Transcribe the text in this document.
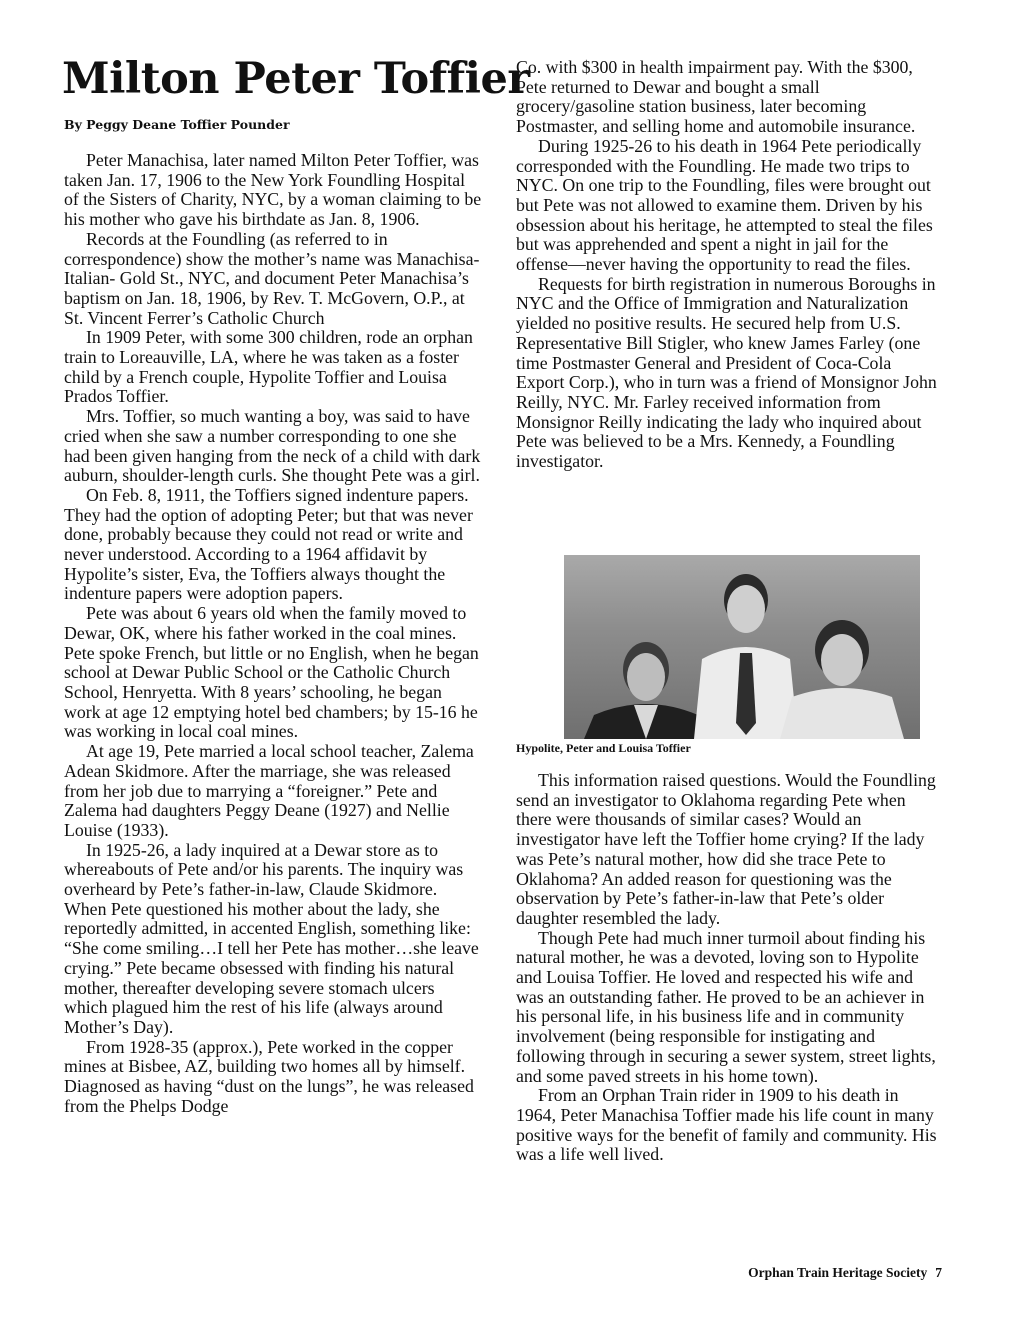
Milton Peter Toffier
By Peggy Deane Toffier Pounder

Peter Manachisa, later named Milton Peter Toffier, was taken Jan. 17, 1906 to the New York Foundling Hospital of the Sisters of Charity, NYC, by a woman claiming to be his mother who gave his birthdate as Jan. 8, 1906.

Records at the Foundling (as referred to in correspondence) show the mother’s name was Manachisa-Italian- Gold St., NYC, and document Peter Manachisa’s baptism on Jan. 18, 1906, by Rev. T. McGovern, O.P., at St. Vincent Ferrer’s Catholic Church

In 1909 Peter, with some 300 children, rode an orphan train to Loreauville, LA, where he was taken as a foster child by a French couple, Hypolite Toffier and Louisa Prados Toffier.

Mrs. Toffier, so much wanting a boy, was said to have cried when she saw a number corresponding to one she had been given hanging from the neck of a child with dark auburn, shoulder-length curls. She thought Pete was a girl.

On Feb. 8, 1911, the Toffiers signed indenture papers. They had the option of adopting Peter; but that was never done, probably because they could not read or write and never understood. According to a 1964 affidavit by Hypolite’s sister, Eva, the Toffiers always thought the indenture papers were adoption papers.

Pete was about 6 years old when the family moved to Dewar, OK, where his father worked in the coal mines. Pete spoke French, but little or no English, when he began school at Dewar Public School or the Catholic Church School, Henryetta. With 8 years’ schooling, he began work at age 12 emptying hotel bed chambers; by 15-16 he was working in local coal mines.

At age 19, Pete married a local school teacher, Zalema Adean Skidmore. After the marriage, she was released from her job due to marrying a “foreigner.” Pete and Zalema had daughters Peggy Deane (1927) and Nellie Louise (1933).

In 1925-26, a lady inquired at a Dewar store as to whereabouts of Pete and/or his parents. The inquiry was overheard by Pete’s father-in-law, Claude Skidmore. When Pete questioned his mother about the lady, she reportedly admitted, in accented English, something like: “She come smiling…I tell her Pete has mother…she leave crying.” Pete became obsessed with finding his natural mother, thereafter developing severe stomach ulcers which plagued him the rest of his life (always around Mother’s Day).

From 1928-35 (approx.), Pete worked in the copper mines at Bisbee, AZ, building two homes all by himself. Diagnosed as having “dust on the lungs”, he was released from the Phelps Dodge

Co. with $300 in health impairment pay. With the $300, Pete returned to Dewar and bought a small grocery/gasoline station business, later becoming Postmaster, and selling home and automobile insurance.

During 1925-26 to his death in 1964 Pete periodically corresponded with the Foundling. He made two trips to NYC. On one trip to the Foundling, files were brought out but Pete was not allowed to examine them. Driven by his obsession about his heritage, he attempted to steal the files but was apprehended and spent a night in jail for the offense—never having the opportunity to read the files.

Requests for birth registration in numerous Boroughs in NYC and the Office of Immigration and Naturalization yielded no positive results. He secured help from U.S. Representative Bill Stigler, who knew James Farley (one time Postmaster General and President of Coca-Cola Export Corp.), who in turn was a friend of Monsignor John Reilly, NYC. Mr. Farley received information from Monsignor Reilly indicating the lady who inquired about Pete was believed to be a Mrs. Kennedy, a Foundling investigator.

Hypolite, Peter and Louisa Toffier

This information raised questions. Would the Foundling send an investigator to Oklahoma regarding Pete when there were thousands of similar cases? Would an investigator have left the Toffier home crying? If the lady was Pete’s natural mother, how did she trace Pete to Oklahoma? An added reason for questioning was the observation by Pete’s father-in-law that Pete’s older daughter resembled the lady.

Though Pete had much inner turmoil about finding his natural mother, he was a devoted, loving son to Hypolite and Louisa Toffier. He loved and respected his wife and was an outstanding father. He proved to be an achiever in his personal life, in his business life and in community involvement (being responsible for instigating and following through in securing a sewer system, street lights, and some paved streets in his home town).

From an Orphan Train rider in 1909 to his death in 1964, Peter Manachisa Toffier made his life count in many positive ways for the benefit of family and community. His was a life well lived.

Orphan Train Heritage Society 7
